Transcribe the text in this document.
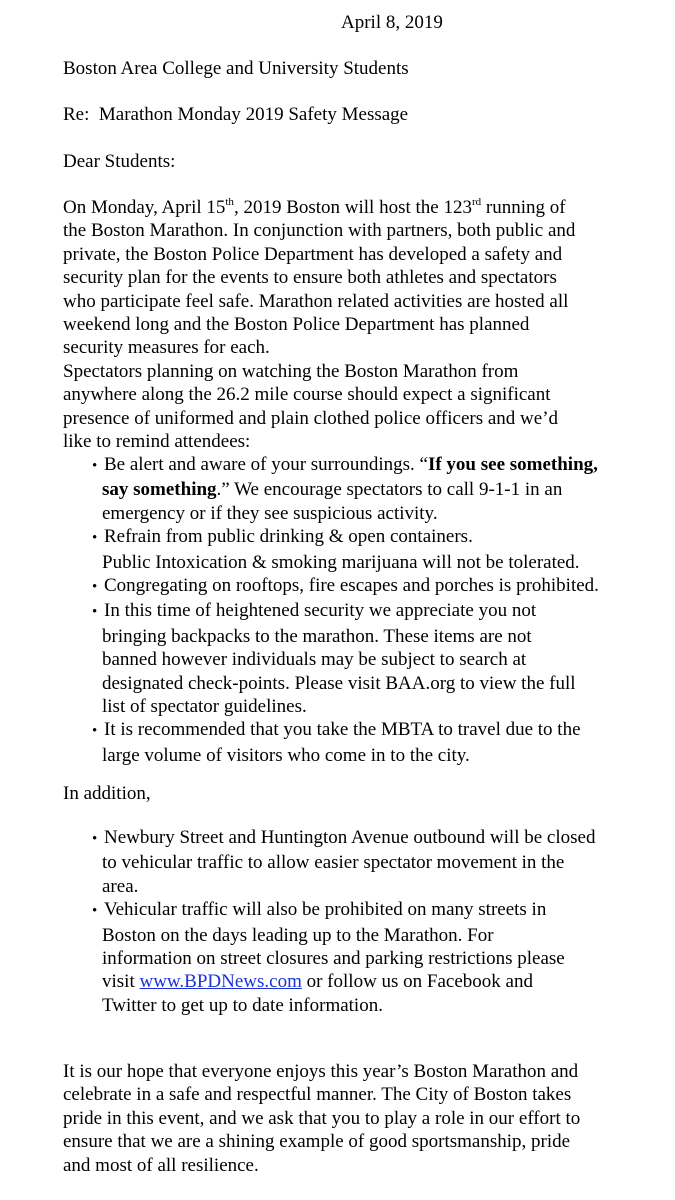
April 8, 2019

Boston Area College and University Students

Re: Marathon Monday 2019 Safety Message

Dear Students:

On Monday, April 15th, 2019 Boston will host the 123rd running of
the Boston Marathon. In conjunction with partners, both public and
private, the Boston Police Department has developed a safety and
security plan for the events to ensure both athletes and spectators
who participate feel safe. Marathon related activities are hosted all
weekend long and the Boston Police Department has planned
security measures for each.
Spectators planning on watching the Boston Marathon from
anywhere along the 26.2 mile course should expect a significant
presence of uniformed and plain clothed police officers and we’d
like to remind attendees:
• Be alert and aware of your surroundings. “If you see something,
say something.” We encourage spectators to call 9-1-1 in an
emergency or if they see suspicious activity.
• Refrain from public drinking & open containers.
Public Intoxication & smoking marijuana will not be tolerated.
• Congregating on rooftops, fire escapes and porches is prohibited.
• In this time of heightened security we appreciate you not
bringing backpacks to the marathon. These items are not
banned however individuals may be subject to search at
designated check-points. Please visit BAA.org to view the full
list of spectator guidelines.
• It is recommended that you take the MBTA to travel due to the
large volume of visitors who come in to the city.

In addition,

• Newbury Street and Huntington Avenue outbound will be closed
to vehicular traffic to allow easier spectator movement in the
area.
• Vehicular traffic will also be prohibited on many streets in
Boston on the days leading up to the Marathon. For
information on street closures and parking restrictions please
visit www.BPDNews.com or follow us on Facebook and
Twitter to get up to date information.
It is our hope that everyone enjoys this year’s Boston Marathon and
celebrate in a safe and respectful manner. The City of Boston takes
pride in this event, and we ask that you to play a role in our effort to
ensure that we are a shining example of good sportsmanship, pride
and most of all resilience.
